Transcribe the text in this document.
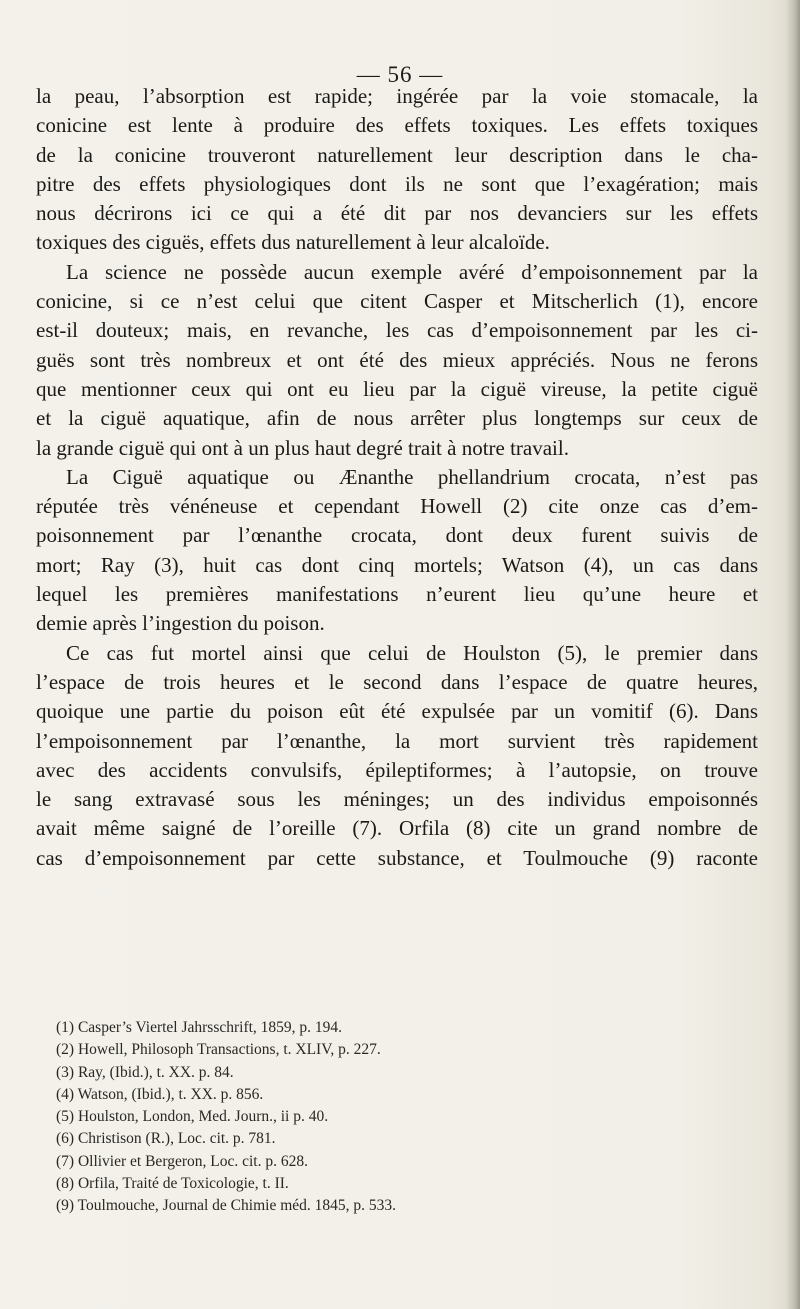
— 56 —
la peau, l’absorption est rapide; ingérée par la voie stomacale, la
conicine est lente à produire des effets toxiques. Les effets toxiques
de la conicine trouveront naturellement leur description dans le cha-
pitre des effets physiologiques dont ils ne sont que l’exagération; mais
nous décrirons ici ce qui a été dit par nos devanciers sur les effets
toxiques des ciguës, effets dus naturellement à leur alcaloïde.
La science ne possède aucun exemple avéré d’empoisonnement par la
conicine, si ce n’est celui que citent Casper et Mitscherlich (1), encore
est-il douteux; mais, en revanche, les cas d’empoisonnement par les ci-
guës sont très nombreux et ont été des mieux appréciés. Nous ne ferons
que mentionner ceux qui ont eu lieu par la ciguë vireuse, la petite ciguë
et la ciguë aquatique, afin de nous arrêter plus longtemps sur ceux de
la grande ciguë qui ont à un plus haut degré trait à notre travail.
La Ciguë aquatique ou Ænanthe phellandrium crocata, n’est pas
réputée très vénéneuse et cependant Howell (2) cite onze cas d’em-
poisonnement par l’œnanthe crocata, dont deux furent suivis de
mort; Ray (3), huit cas dont cinq mortels; Watson (4), un cas dans
lequel les premières manifestations n’eurent lieu qu’une heure et
demie après l’ingestion du poison.
Ce cas fut mortel ainsi que celui de Houlston (5), le premier dans
l’espace de trois heures et le second dans l’espace de quatre heures,
quoique une partie du poison eût été expulsée par un vomitif (6). Dans
l’empoisonnement par l’œnanthe, la mort survient très rapidement
avec des accidents convulsifs, épileptiformes; à l’autopsie, on trouve
le sang extravasé sous les méninges; un des individus empoisonnés
avait même saigné de l’oreille (7). Orfila (8) cite un grand nombre de
cas d’empoisonnement par cette substance, et Toulmouche (9) raconte
(1) Casper’s Viertel Jahrsschrift, 1859, p. 194.
(2) Howell, Philosoph Transactions, t. XLIV, p. 227.
(3) Ray, (Ibid.), t. XX. p. 84.
(4) Watson, (Ibid.), t. XX. p. 856.
(5) Houlston, London, Med. Journ., ii p. 40.
(6) Christison (R.), Loc. cit. p. 781.
(7) Ollivier et Bergeron, Loc. cit. p. 628.
(8) Orfila, Traité de Toxicologie, t. II.
(9) Toulmouche, Journal de Chimie méd. 1845, p. 533.
